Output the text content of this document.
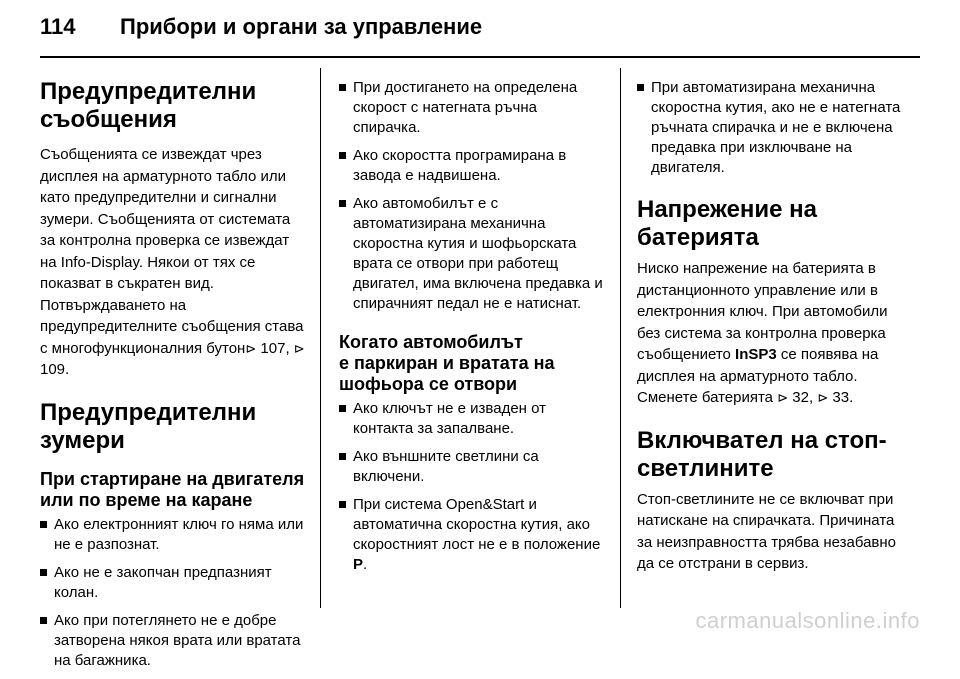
114	Прибори и органи за управление
Предупредителни
съобщения

Съобщенията се извеждат чрез дисплея на арматурното табло или като предупредителни и сигнални зумери. Съобщенията от системата за контролна проверка се извеждат на Info-Display. Някои от тях се показват в съкратен вид. Потвърждаването на предупредителните съобщения става с многофункционалния бутон⊳ 107, ⊳ 109.

Предупредителни
зумери
При стартиране на двигателя
или по време на каране
Ако електронният ключ го няма или не е разпознат.
Ако не е закопчан предпазният колан.
Ако при потеглянето не е добре затворена някоя врата или вратата на багажника.
При достигането на определена скорост с натегната ръчна спирачка.
Ако скоростта програмирана в завода е надвишена.
Ако автомобилът е с автоматизирана механична скоростна кутия и шофьорската врата се отвори при работещ двигател, има включена предавка и спирачният педал не е натиснат.
Когато автомобилът
е паркиран и вратата на
шофьора се отвори
Ако ключът не е изваден от контакта за запалване.
Ако външните светлини са включени.
При система Open&Start и автоматична скоростна кутия, ако скоростният лост не е в положение P.
При автоматизирана механична скоростна кутия, ако не е натегната ръчната спирачка и не е включена предавка при изключване на двигателя.
Напрежение на
батерията

Ниско напрежение на батерията в дистанционното управление или в електронния ключ. При автомобили без система за контролна проверка съобщението InSP3 се появява на дисплея на арматурното табло. Сменете батерията ⊳ 32, ⊳ 33.

Включвател на стоп-
светлините

Стоп-светлините не се включват при натискане на спирачката. Причината за неизправността трябва незабавно да се отстрани в сервиз.

carmanualsonline.info
